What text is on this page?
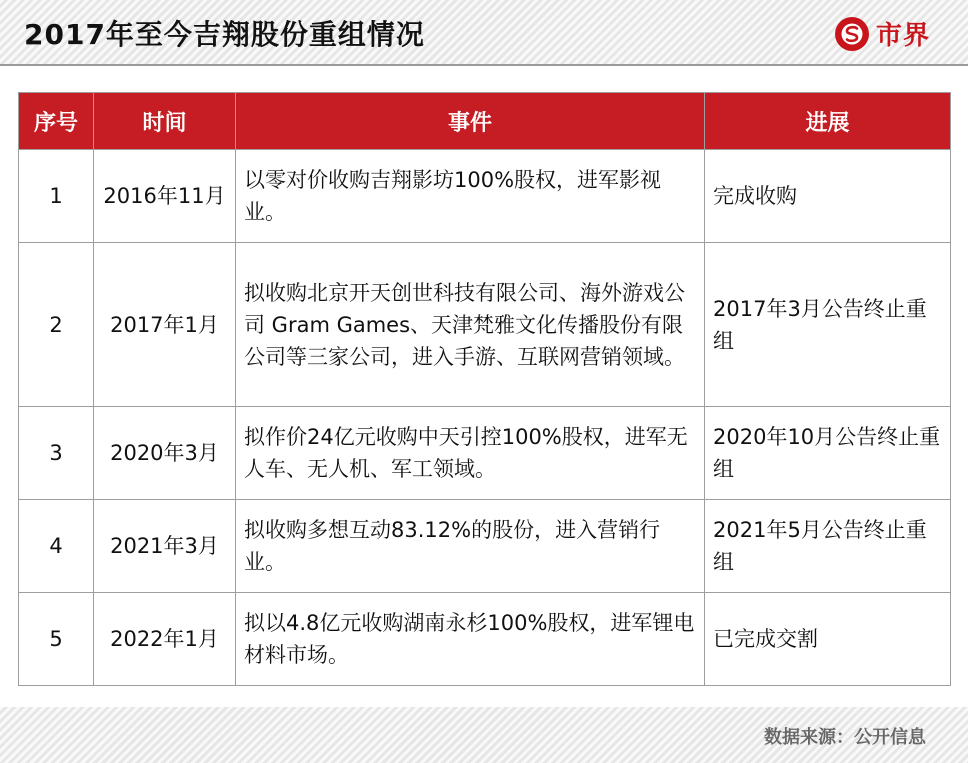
2017年至今吉翔股份重组情况	市界
序号	时间	事件	进展
1	2016年11月	以零对价收购吉翔影坊100%股权，进军影视业。	完成收购
2	2017年1月	拟收购北京开天创世科技有限公司、海外游戏公司 Gram Games、天津梵雅文化传播股份有限公司等三家公司，进入手游、互联网营销领域。	2017年3月公告终止重组
3	2020年3月	拟作价24亿元收购中天引控100%股权，进军无人车、无人机、军工领域。	2020年10月公告终止重组
4	2021年3月	拟收购多想互动83.12%的股份，进入营销行业。	2021年5月公告终止重组
5	2022年1月	拟以4.8亿元收购湖南永杉100%股权，进军锂电材料市场。	已完成交割
数据来源：公开信息
